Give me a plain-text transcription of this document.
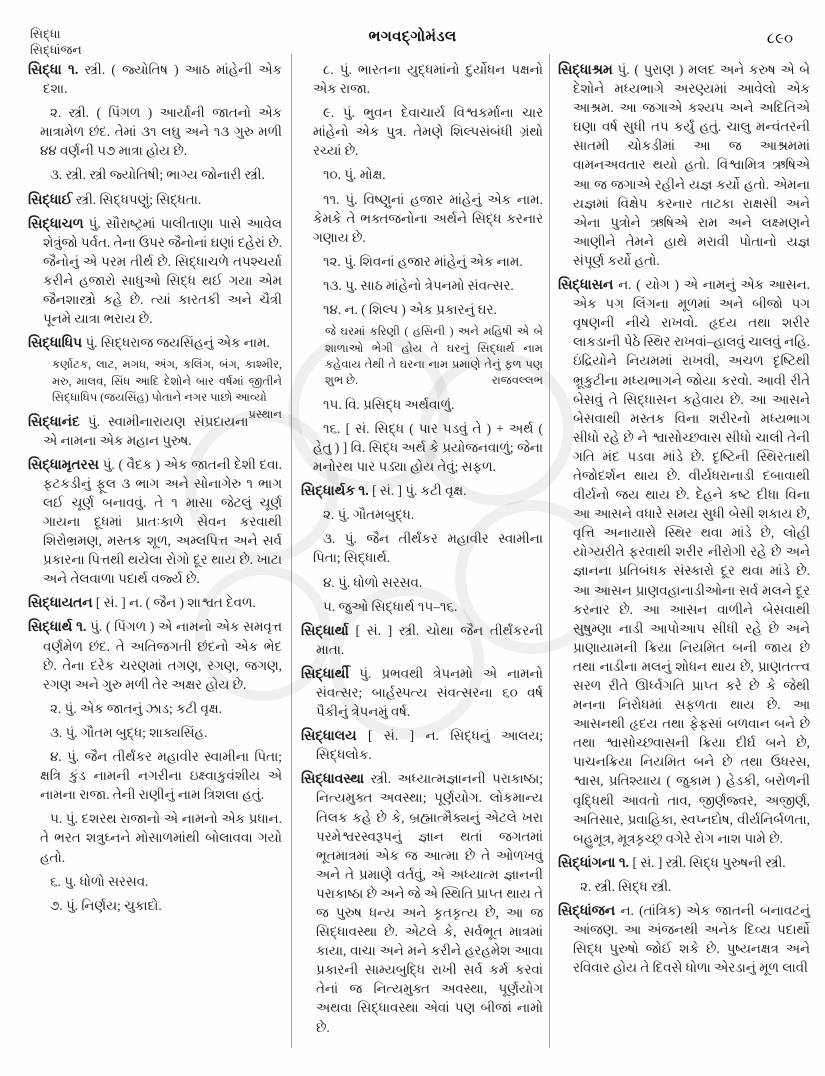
સિદ્ધા
સિદ્ધાંજન
ભગવદ્ગોમંડલ	૮૯૦

સિદ્ધા ૧. સ્ત્રી. ( જ્યોતિષ ) આઠ માંહેની એક દશા.

૨. સ્ત્રી. ( પિંગળ ) આર્યાની જાતનો એક માત્રામેળ છંદ. તેમાં ૩૧ લઘુ અને ૧૩ ગુરુ મળી ૪૪ વર્ણની ૫૭ માત્રા હોય છે.

૩. સ્ત્રી. સ્ત્રી જ્યોતિષી; ભાગ્ય જોનારી સ્ત્રી.

સિદ્ધાઈ સ્ત્રી. સિદ્ધપણું; સિદ્ધતા.

સિદ્ધાચળ પું. સૌરાષ્ટ્રમાં પાલીતાણા પાસે આવેલ શેત્રુંજો પર્વત. તેના ઉપર જૈનોનાં ઘણાં દહેરાં છે. જૈનોનું એ પરમ તીર્થ છે. સિદ્ધાચળે તપશ્ચર્યા કરીને હજારો સાધુઓ સિદ્ધ થઈ ગયા એમ જૈનશાસ્ત્રો કહે છે. ત્યાં કારતકી અને ચૈત્રી પૂનમે યાત્રા ભરાય છે.

સિદ્ધાધિપ પું. સિદ્ધરાજ જયસિંહનું એક નામ.

કર્ણાટક, લાટ, મગધ, અંગ, કલિંગ, બંગ, કાશ્મીર, મરુ, માલવ, સિંધ આદિ દેશોને બાર વર્ષમાં જીતીને સિદ્ધાધિપ (જયસિંહ) પોતાને નગર પાછો આવ્યો
પ્રસ્થાન

સિદ્ધાનંદ પું. સ્વામીનારાયણ સંપ્રદાયના એ નામના એક મહાન પુરુષ.

સિદ્ધામૃતરસ પું. ( વૈદક ) એક જાતની દેશી દવા. ફટકડીનું ફૂલ ૩ ભાગ અને સોનાગેરુ ૧ ભાગ લઈ ચૂર્ણ બનાવવું. તે ૧ માસા જેટલું ચૂર્ણ ગાયના દૂધમાં પ્રાતઃકાળે સેવન કરવાથી શિરોભ્રમણ, મસ્તક શૂળ, અમ્લપિત્ત અને સર્વ પ્રકારના પિત્તથી થયેલા રોગો દૂર થાય છે. ખાટા અને તેલવાળા પદાર્થ વર્જ્ય છે.

સિદ્ધાયતન [ સં. ] ન. ( જૈન ) શાશ્વત દેવળ.

સિદ્ધાર્થ ૧. પું. ( પિંગળ ) એ નામનો એક સમવૃત્ત વર્ણમેળ છંદ. તે અતિજગતી છંદનો એક ભેદ છે. તેના દરેક ચરણમાં તગણ, રગણ, જગણ, રગણ અને ગુરુ મળી તેર અક્ષર હોય છે.

૨. પું. એક જાતનું ઝાડ; કટી વૃક્ષ.

૩. પું. ગૌતમ બુદ્ધ; શાક્યસિંહ.

૪. પું. જૈન તીર્થંકર મહાવીર સ્વામીના પિતા; ક્ષત્રિ કુંડ નામની નગરીના ઇક્ષ્વાકુવંશીય એ નામના રાજા. તેની રાણીનું નામ ત્રિશલા હતું.

૫. પું. દશરથ રાજાનો એ નામનો એક પ્રધાન. તે ભરત શત્રુઘ્નને મોસાળમાંથી બોલાવવા ગયો હતો.

૬. પુ. ધોળો સરસવ.

૭. પું. નિર્ણય; ચુકાદો.

૮. પું. ભારતના યુદ્ધમાંનો દુર્યોધન પક્ષનો એક રાજા.

૯. પું. ભુવન દેવાચાર્ય વિશ્વકર્માના ચાર માંહેનો એક પુત્ર. તેમણે શિલ્પસંબંધી ગ્રંથો રચ્યાં છે.

૧૦. પું. મોક્ષ.

૧૧. પું. વિષ્ણુનાં હજાર માંહેનું એક નામ. કેમકે તે ભક્તજનોના અર્થને સિદ્ધ કરનાર ગણાય છે.

૧૨. પું. શિવનાં હજાર માંહેનું એક નામ.

૧૩. પુ. સાઠ માંહેનો ત્રેપનમો સંવત્સર.

૧૪. ન. ( શિલ્પ ) એક પ્રકારનું ઘર.

જે ઘરમાં કરિણી ( હસિની ) અને મહિષી એ બે શાળાઓ ભેગી હોય તે ઘરનું સિદ્ધાર્થ નામ કહેવાય તેથી તે ઘરના નામ પ્રમાણે તેનું ફળ પણ શુભ છે.	રાજવલ્લભ

૧૫. વિ. પ્રસિદ્ધ અર્થવાળું.

૧૬. [ સં. સિદ્ધ ( પાર પડવું તે ) + અર્થ ( હેતુ ) ] વિ. સિદ્ધ અર્થ કે પ્રયોજનવાળું; જેના મનોરથ પાર પડ્યા હોય તેવું; સફળ.

સિદ્ધાર્થક ૧. [ સં. ] પું. કટી વૃક્ષ.

૨. પું. ગૌતમબુદ્ધ.

૩. પું. જૈન તીર્થંકર મહાવીર સ્વામીના પિતા; સિદ્ધાર્થ.

૪. પું. ધોળો સરસવ.

૫. જુઓ સિદ્ધાર્થ ૧૫–૧૬.

સિદ્ધાર્થા [ સં. ] સ્ત્રી. ચોથા જૈન તીર્થંકરની માતા.

સિદ્ધાર્થી પું. પ્રભવથી ત્રેપનમો એ નામનો સંવત્સર; બાર્હસ્પત્ય સંવત્સરના ૬૦ વર્ષ પૈકીનું ત્રેપનમું વર્ષ.

સિદ્ધાલય [ સં. ] ન. સિદ્ધનું આલય; સિદ્ધલોક.

સિદ્ધાવસ્થા સ્ત્રી. અધ્યાત્મજ્ઞાનની પરાકાષ્ઠા; નિત્યમુક્ત અવસ્થા; પૂર્ણયોગ. લોકમાન્ય તિલક કહે છે કે, બ્રહ્માત્મૈક્યનું એટલે ખરા પરમેશ્વરસ્વરૂપનું જ્ઞાન થતાં જગતમાં ભૂતમાત્રમાં એક જ આત્મા છે તે ઓળખવું અને તે પ્રમાણે વર્તવું, એ અધ્યાત્મ જ્ઞાનની પરાકાષ્ઠા છે અને જે એ સ્થિતિ પ્રાપ્ત થાય તે જ પુરુષ ધન્ય અને કૃતકૃત્ય છે, આ જ સિદ્ધાવસ્થા છે. એટલે કે, સર્વભૂત માત્રમાં કાયા, વાચા અને મને કરીને હરહમેશ આવા પ્રકારની સામ્યબુદ્ધિ રાખી સર્વ કર્મ કરવાં તેનાં જ નિત્યમુક્ત અવસ્થા, પૂર્ણયોગ અથવા સિદ્ધાવસ્થા એવાં પણ બીજાં નામો છે.

સિદ્ધાશ્રમ પું. ( પુરાણ ) મલદ અને કરુષ એ બે દેશોને મધ્યભાગે અરણ્યમાં આવેલો એક આશ્રમ. આ જગાએ કશ્યપ અને અદિતિએ ઘણા વર્ષ સુધી તપ કર્યું હતું. ચાલુ મન્વંતરની સાતમી ચોકડીમાં આ જ આશ્રમમાં વામનઅવતાર થયો હતો. વિશ્વામિત્ર ઋષિએ આ જ જગાએ રહીને યજ્ઞ કર્યો હતો. એમના યજ્ઞમાં વિક્ષેપ કરનાર તાટકા રાક્ષસી અને એના પુત્રોને ઋષિએ રામ અને લક્ષ્મણને આણીને તેમને હાથે મરાવી પોતાનો યજ્ઞ સંપૂર્ણ કર્યો હતો.

સિદ્ધાસન ન. ( યોગ ) એ નામનું એક આસન. એક પગ લિંગના મૂળમાં અને બીજો પગ વૃષણની નીચે રાખવો. હૃદય તથા શરીર લાકડાની પેઠે સ્થિર રાખવાં–હાલવું ચાલવું નહિ. ઇંદ્રિયોને નિયમમાં રાખવી, અચળ દૃષ્ટિથી ભ્રૂકુટીના મધ્યભાગને જોયા કરવો. આવી રીતે બેસવું તે સિદ્ધાસન કહેવાય છે. આ આસને બેસવાથી મસ્તક વિના શરીરનો મધ્યભાગ સીધો રહે છે ને શ્વાસોચ્છ્વાસ સીધો ચાલી તેની ગતિ મંદ પડવા માંડે છે. દૃષ્ટિની સ્થિરતાથી તેજોદર્શન થાય છે. વીર્યધરાનાડી દબાવાથી વીર્યનો જય થાય છે. દેહને કષ્ટ દીધા વિના આ આસને વધારે સમય સુધી બેસી શકાય છે, વૃત્તિ અનાયાસે સ્થિર થવા માંડે છે, લોહી યોગ્યરીતે ફરવાથી શરીર નીરોગી રહે છે અને જ્ઞાનના પ્રતિબંધક સંસ્કારો દૂર થવા માંડે છે. આ આસન પ્રાણવહાનાડીઓના સર્વ મલને દૂર કરનાર છે. આ આસન વાળીને બેસવાથી સુષુમ્ણા નાડી આપોઆપ સીધી રહે છે અને પ્રાણાયામની ક્રિયા નિયમિત બની જાય છે તથા નાડીના મલનું શોધન થાય છે, પ્રાણતત્ત્વ સરળ રીતે ઊર્ધ્વગતિ પ્રાપ્ત કરે છે કે જેથી મનના નિરોધમાં સફળતા થાય છે. આ આસનથી હૃદય તથા ફેફસાં બળવાન બને છે તથા શ્વાસોચ્છ્વાસની ક્રિયા દીર્ઘ બને છે, પાચનક્રિયા નિયમિત બને છે તથા ઉધરસ, શ્વાસ, પ્રતિશ્યાય ( જુકામ ) હેડકી, બરોળની વૃદ્ધિથી આવતો તાવ, જીર્ણજ્વર, અજીર્ણ, અતિસાર, પ્રવાહિકા, સ્વપ્નદોષ, વીર્યનિર્બળતા, બહુમૂત્ર, મૂત્રકૃચ્છ્ર વગેરે રોગ નાશ પામે છે.

સિદ્ધાંગના ૧. [ સં. ] સ્ત્રી. સિદ્ધ પુરુષની સ્ત્રી.

૨. સ્ત્રી. સિદ્ધ સ્ત્રી.

સિદ્ધાંજન ન. (તાંત્રિક) એક જાતની બનાવટનું આંજણ. આ અંજનથી અનેક દિવ્ય પદાર્થો સિદ્ધ પુરુષો જોઈ શકે છે. પુષ્યનક્ષત્ર અને રવિવાર હોય તે દિવસે ધોળા એરડાનું મૂળ લાવી
